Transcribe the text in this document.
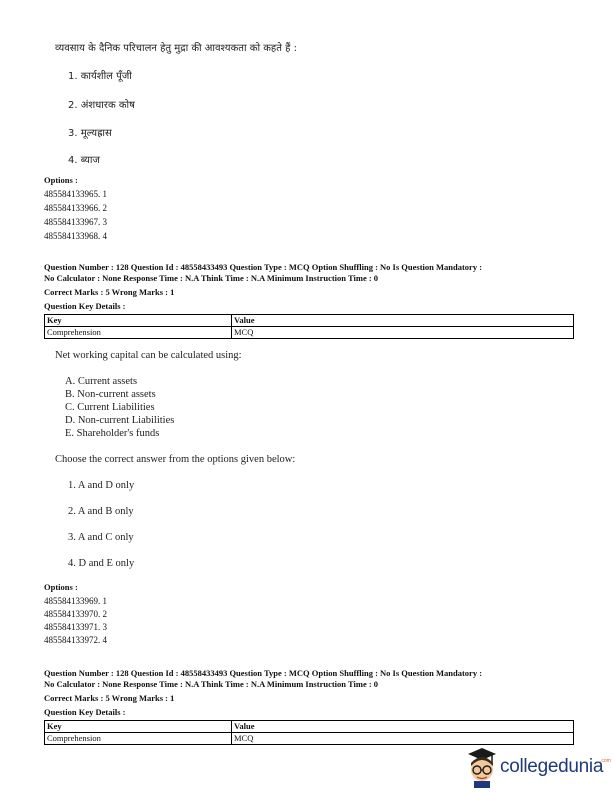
व्यवसाय के दैनिक परिचालन हेतु मुद्रा की आवश्यकता को कहते हैं :
1. कार्यशील पूँजी
2. अंशधारक कोष
3. मूल्यह्रास
4. ब्याज
Options :
485584133965. 1
485584133966. 2
485584133967. 3
485584133968. 4
Question Number : 128 Question Id : 48558433493 Question Type : MCQ Option Shuffling : No Is Question Mandatory :
No Calculator : None Response Time : N.A Think Time : N.A Minimum Instruction Time : 0
Correct Marks : 5 Wrong Marks : 1
Question Key Details :
Key	Value
Comprehension	MCQ
Net working capital can be calculated using:
A. Current assets
B. Non-current assets
C. Current Liabilities
D. Non-current Liabilities
E. Shareholder's funds
Choose the correct answer from the options given below:
1. A and D only
2. A and B only
3. A and C only
4. D and E only
Options :
485584133969. 1
485584133970. 2
485584133971. 3
485584133972. 4
Question Number : 128 Question Id : 48558433493 Question Type : MCQ Option Shuffling : No Is Question Mandatory :
No Calculator : None Response Time : N.A Think Time : N.A Minimum Instruction Time : 0
Correct Marks : 5 Wrong Marks : 1
Question Key Details :
Key	Value
Comprehension	MCQ
collegedunia
.com
